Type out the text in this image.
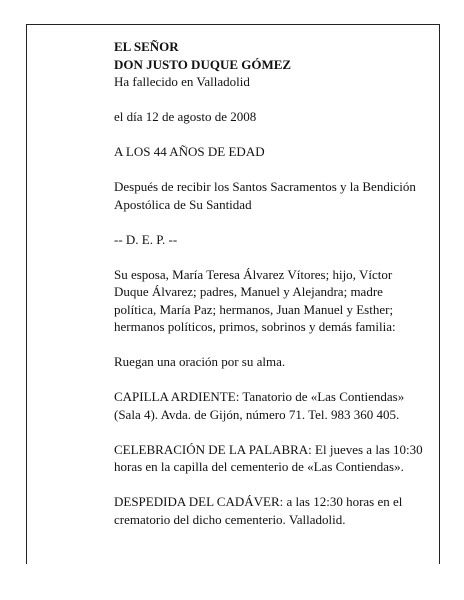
EL SEÑOR
DON JUSTO DUQUE GÓMEZ
Ha fallecido en Valladolid

el día 12 de agosto de 2008

A LOS 44 AÑOS DE EDAD

Después de recibir los Santos Sacramentos y la Bendición Apostólica de Su Santidad

-- D. E. P. --

Su esposa, María Teresa Álvarez Vítores; hijo, Víctor Duque Álvarez; padres, Manuel y Alejandra; madre política, María Paz; hermanos, Juan Manuel y Esther; hermanos políticos, primos, sobrinos y demás familia:

Ruegan una oración por su alma.

CAPILLA ARDIENTE: Tanatorio de «Las Contiendas» (Sala 4). Avda. de Gijón, número 71. Tel. 983 360 405.

CELEBRACIÓN DE LA PALABRA: El jueves a las 10:30 horas en la capilla del cementerio de «Las Contiendas».

DESPEDIDA DEL CADÁVER: a las 12:30 horas en el crematorio del dicho cementerio. Valladolid.
